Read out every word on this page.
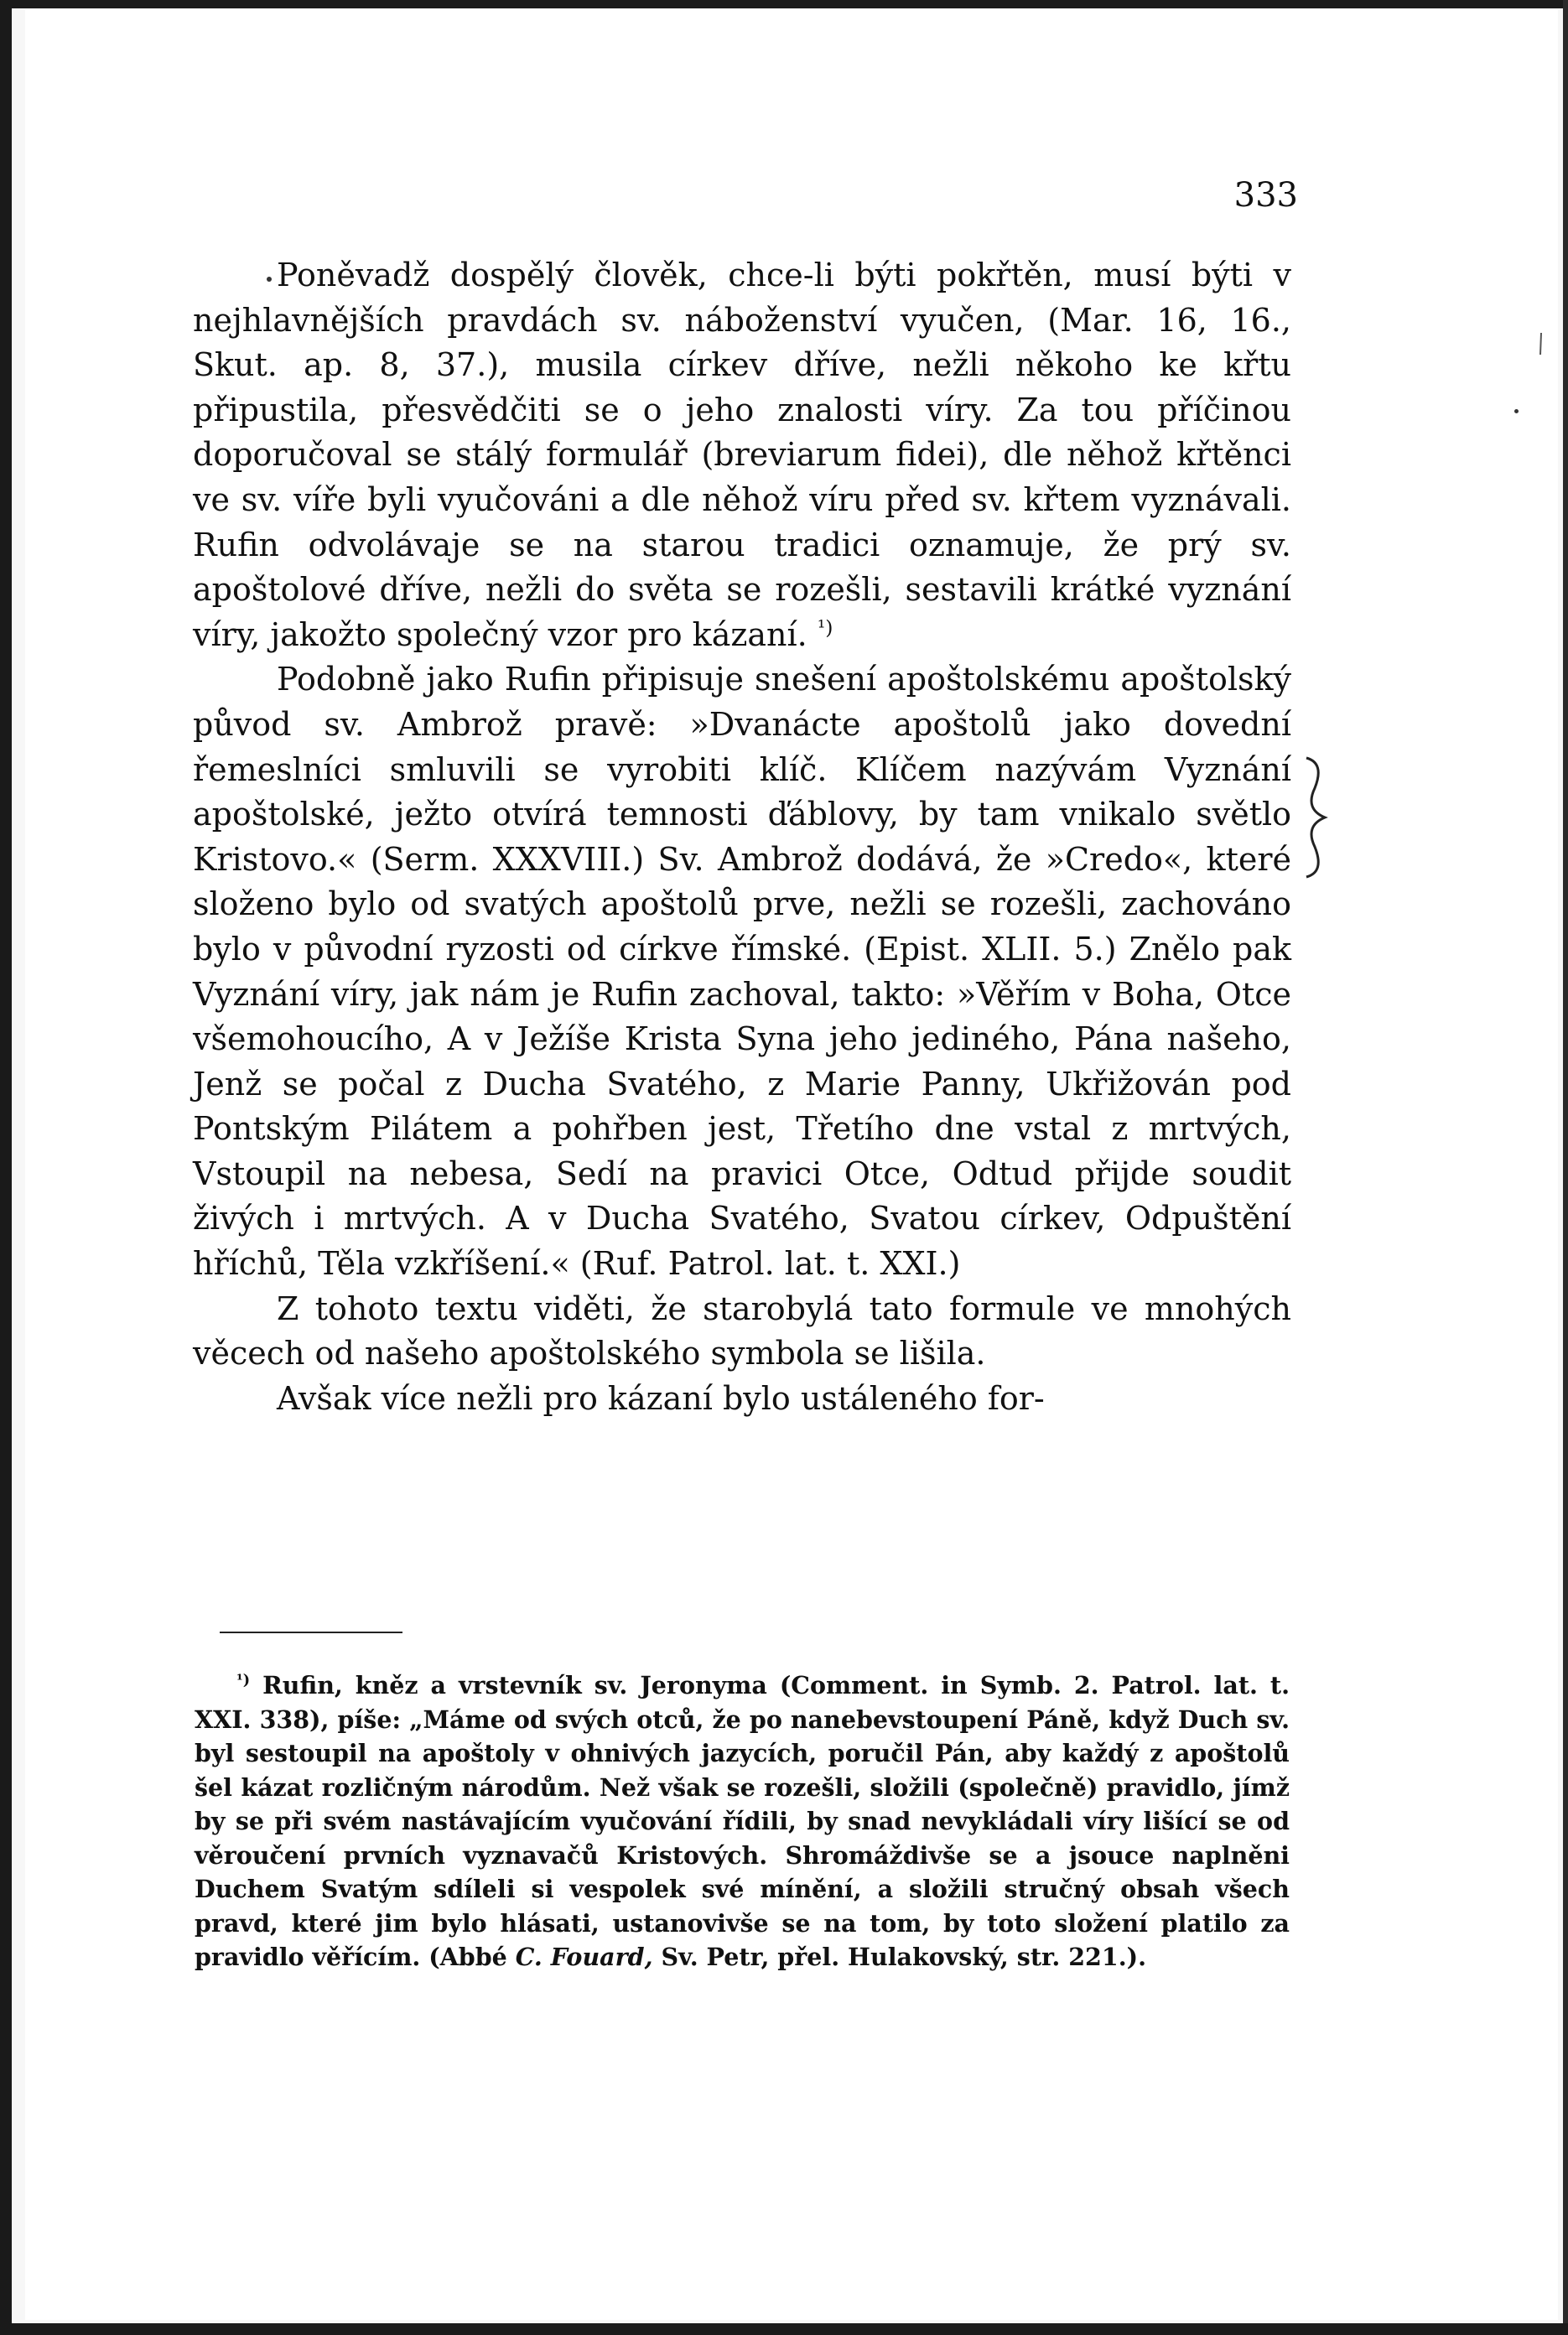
333

Poněvadž dospělý člověk, chce-li býti pokřtěn, musí býti v nejhlavnějších pravdách sv. náboženství vyučen, (Mar. 16, 16., Skut. ap. 8, 37.), musila církev dříve, nežli někoho ke křtu připustila, přesvědčiti se o jeho znalosti víry. Za tou příčinou doporučoval se stálý formulář (breviarum fidei), dle něhož křtěnci ve sv. víře byli vyučováni a dle něhož víru před sv. křtem vyznávali. Rufin odvolávaje se na starou tradici oznamuje, že prý sv. apoštolové dříve, nežli do světa se rozešli, sestavili krátké vyznání víry, jakožto společný vzor pro kázaní. $^{^1)}$

Podobně jako Rufin připisuje snešení apoštolskému apoštolský původ sv. Ambrož pravě: »Dvanácte apoštolů jako dovední řemeslníci smluvili se vyrobiti klíč. Klíčem nazývám Vyznání apoštolské, ježto otvírá temnosti ďáblovy, by tam vnikalo světlo Kristovo.« (Serm. XXXVIII.) Sv. Ambrož dodává, že »Credo«, které složeno bylo od svatých apoštolů prve, nežli se rozešli, zachováno bylo v původní ryzosti od církve římské. (Epist. XLII. 5.) Znělo pak Vyznání víry, jak nám je Rufin zachoval, takto: »Věřím v Boha, Otce všemohoucího, A v Ježíše Krista Syna jeho jediného, Pána našeho, Jenž se počal z Ducha Svatého, z Marie Panny, Ukřižován pod Pontským Pilátem a pohřben jest, Třetího dne vstal z mrtvých, Vstoupil na nebesa, Sedí na pravici Otce, Odtud přijde soudit živých i mrtvých. A v Ducha Svatého, Svatou církev, Odpuštění hříchů, Těla vzkříšení.« (Ruf. Patrol. lat. t. XXI.)

Z tohoto textu viděti, že starobylá tato formule ve mnohých věcech od našeho apoštolského symbola se lišila.

Avšak více nežli pro kázaní bylo ustáleného for-

$^{^1)}$ Rufin, kněz a vrstevník sv. Jeronyma (Comment. in Symb. 2. Patrol. lat. t. XXI. 338), píše: „Máme od svých otců, že po nanebevstoupení Páně, když Duch sv. byl sestoupil na apoštoly v ohnivých jazycích, poručil Pán, aby každý z apoštolů šel kázat rozličným národům. Než však se rozešli, složili (společně) pravidlo, jímž by se při svém nastávajícím vyučování řídili, by snad nevykládali víry lišící se od věroučení prvních vyznavačů Kristových. Shromáždivše se a jsouce naplněni Duchem Svatým sdíleli si vespolek své mínění, a složili stručný obsah všech pravd, které jim bylo hlásati, ustanovivše se na tom, by toto složení platilo za pravidlo věřícím. (Abbé C. Fouard, Sv. Petr, přel. Hulakovský, str. 221.).
